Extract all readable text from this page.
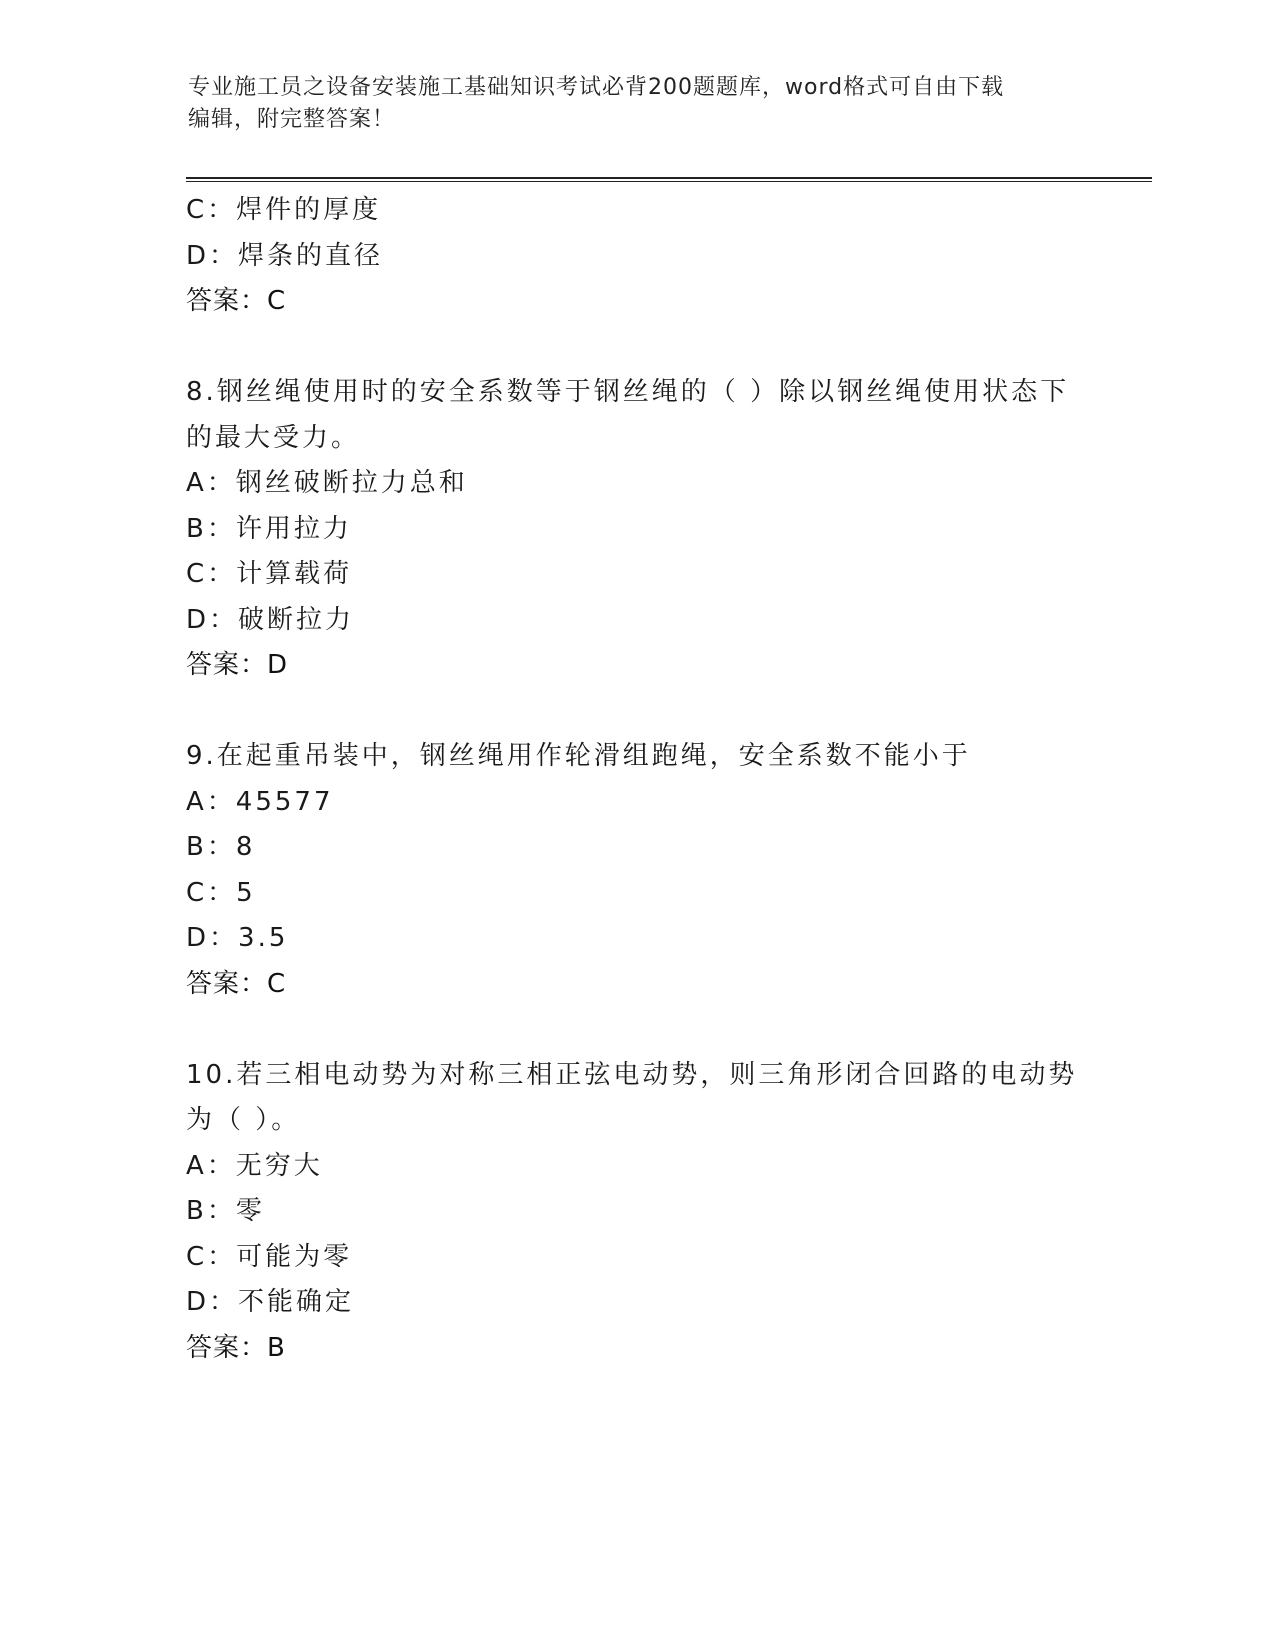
专业施工员之设备安装施工基础知识考试必背200题题库，word格式可自由下载
编辑，附完整答案！
C：焊件的厚度
D：焊条的直径
答案：C
8.钢丝绳使用时的安全系数等于钢丝绳的（ ）除以钢丝绳使用状态下
的最大受力。
A：钢丝破断拉力总和
B：许用拉力
C：计算载荷
D：破断拉力
答案：D
9.在起重吊装中，钢丝绳用作轮滑组跑绳，安全系数不能小于
A：45577
B：8
C：5
D：3.5
答案：C
10.若三相电动势为对称三相正弦电动势，则三角形闭合回路的电动势
为（ ）。
A：无穷大
B：零
C：可能为零
D：不能确定
答案：B
